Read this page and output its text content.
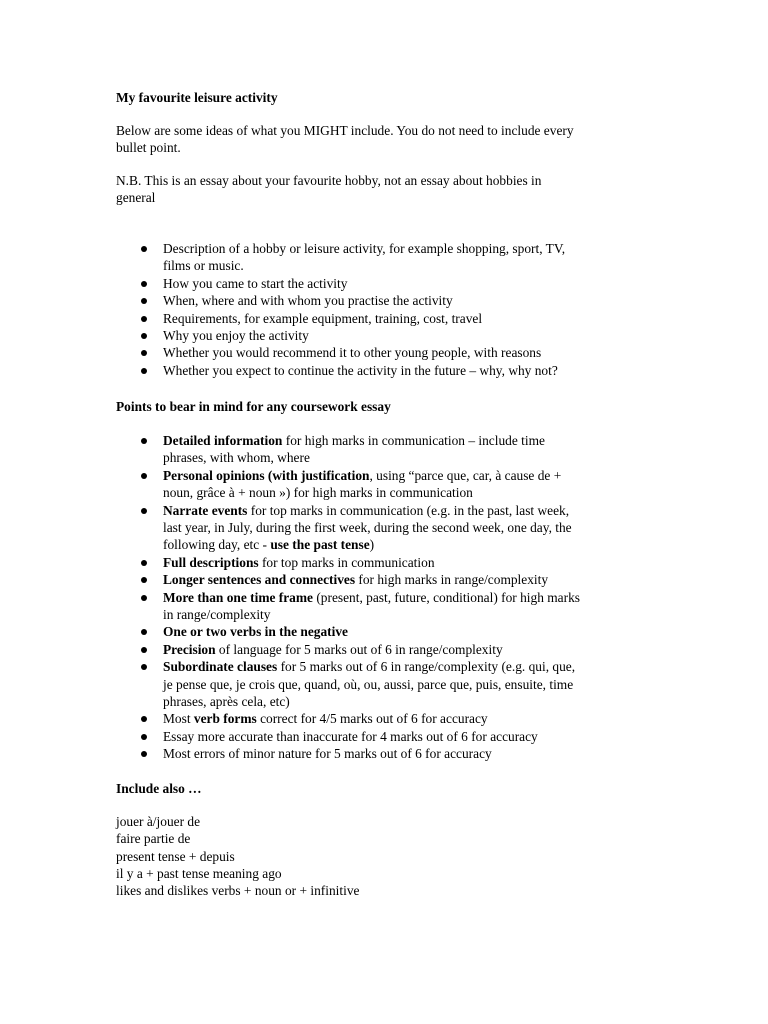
My favourite leisure activity
Below are some ideas of what you MIGHT include. You do not need to include every
bullet point.
N.B. This is an essay about your favourite hobby, not an essay about hobbies in
general
Description of a hobby or leisure activity, for example shopping, sport, TV,
films or music.
How you came to start the activity
When, where and with whom you practise the activity
Requirements, for example equipment, training, cost, travel
Why you enjoy the activity
Whether you would recommend it to other young people, with reasons
Whether you expect to continue the activity in the future – why, why not?
Points to bear in mind for any coursework essay
Detailed information for high marks in communication – include time
phrases, with whom, where
Personal opinions (with justification, using “parce que, car, à cause de +
noun, grâce à + noun ») for high marks in communication
Narrate events for top marks in communication (e.g. in the past, last week,
last year, in July, during the first week, during the second week, one day, the
following day, etc - use the past tense)
Full descriptions for top marks in communication
Longer sentences and connectives for high marks in range/complexity
More than one time frame (present, past, future, conditional) for high marks
in range/complexity
One or two verbs in the negative
Precision of language for 5 marks out of 6 in range/complexity
Subordinate clauses for 5 marks out of 6 in range/complexity (e.g. qui, que,
je pense que, je crois que, quand, où, ou, aussi, parce que, puis, ensuite, time
phrases, après cela, etc)
Most verb forms correct for 4/5 marks out of 6 for accuracy
Essay more accurate than inaccurate for 4 marks out of 6 for accuracy
Most errors of minor nature for 5 marks out of 6 for accuracy
Include also …
jouer à/jouer de
faire partie de
present tense + depuis
il y a + past tense meaning ago
likes and dislikes verbs + noun or + infinitive
